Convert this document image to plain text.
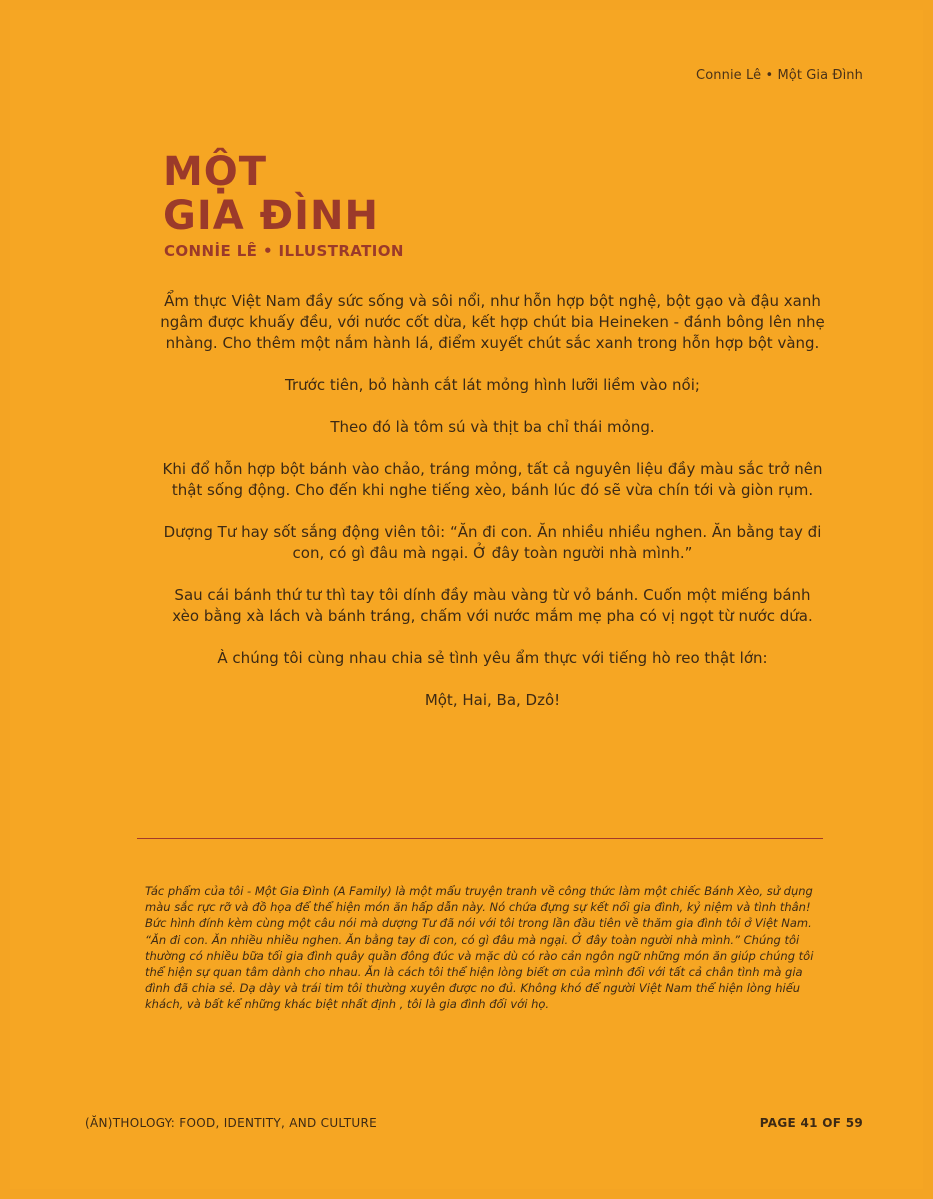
Connie Lê • Một Gia Đình
MỘT
GIA ĐÌNH
CONNİE LÊ • ILLUSTRATION

Ẩm thực Việt Nam đầy sức sống và sôi nổi, như hỗn hợp bột nghệ, bột gạo và đậu xanh ngâm được khuấy đều, với nước cốt dừa, kết hợp chút bia Heineken - đánh bông lên nhẹ nhàng. Cho thêm một nắm hành lá, điểm xuyết chút sắc xanh trong hỗn hợp bột vàng.

Trước tiên, bỏ hành cắt lát mỏng hình lưỡi liềm vào nồi;

Theo đó là tôm sú và thịt ba chỉ thái mỏng.

Khi đổ hỗn hợp bột bánh vào chảo, tráng mỏng, tất cả nguyên liệu đầy màu sắc trở nên thật sống động. Cho đến khi nghe tiếng xèo, bánh lúc đó sẽ vừa chín tới và giòn rụm.

Dượng Tư hay sốt sắng động viên tôi: “Ăn đi con. Ăn nhiều nhiều nghen. Ăn bằng tay đi con, có gì đâu mà ngại. Ở đây toàn người nhà mình.”

Sau cái bánh thứ tư thì tay tôi dính đầy màu vàng từ vỏ bánh. Cuốn một miếng bánh xèo bằng xà lách và bánh tráng, chấm với nước mắm mẹ pha có vị ngọt từ nước dứa.

À chúng tôi cùng nhau chia sẻ tình yêu ẩm thực với tiếng hò reo thật lớn:

Một, Hai, Ba, Dzô!

Tác phẩm của tôi - Một Gia Đình (A Family) là một mẩu truyện tranh về công thức làm một chiếc Bánh Xèo, sử dụng màu sắc rực rỡ và đồ họa để thể hiện món ăn hấp dẫn này. Nó chứa đựng sự kết nối gia đình, kỷ niệm và tình thân! Bức hình đính kèm cùng một câu nói mà dượng Tư đã nói với tôi trong lần đầu tiên về thăm gia đình tôi ở Việt Nam. “Ăn đi con. Ăn nhiều nhiều nghen. Ăn bằng tay đi con, có gì đâu mà ngại. Ở đây toàn người nhà mình.” Chúng tôi thường có nhiều bữa tối gia đình quây quần đông đúc và mặc dù có rào cản ngôn ngữ những món ăn giúp chúng tôi thể hiện sự quan tâm dành cho nhau. Ăn là cách tôi thể hiện lòng biết ơn của mình đối với tất cả chân tình mà gia đình đã chia sẻ. Dạ dày và trái tim tôi thường xuyên được no đủ. Không khó để người Việt Nam thể hiện lòng hiếu khách, và bất kể những khác biệt nhất định , tôi là gia đình đối với họ.
(ĂN)THOLOGY: FOOD, IDENTITY, AND CULTURE	PAGE 41 OF 59
